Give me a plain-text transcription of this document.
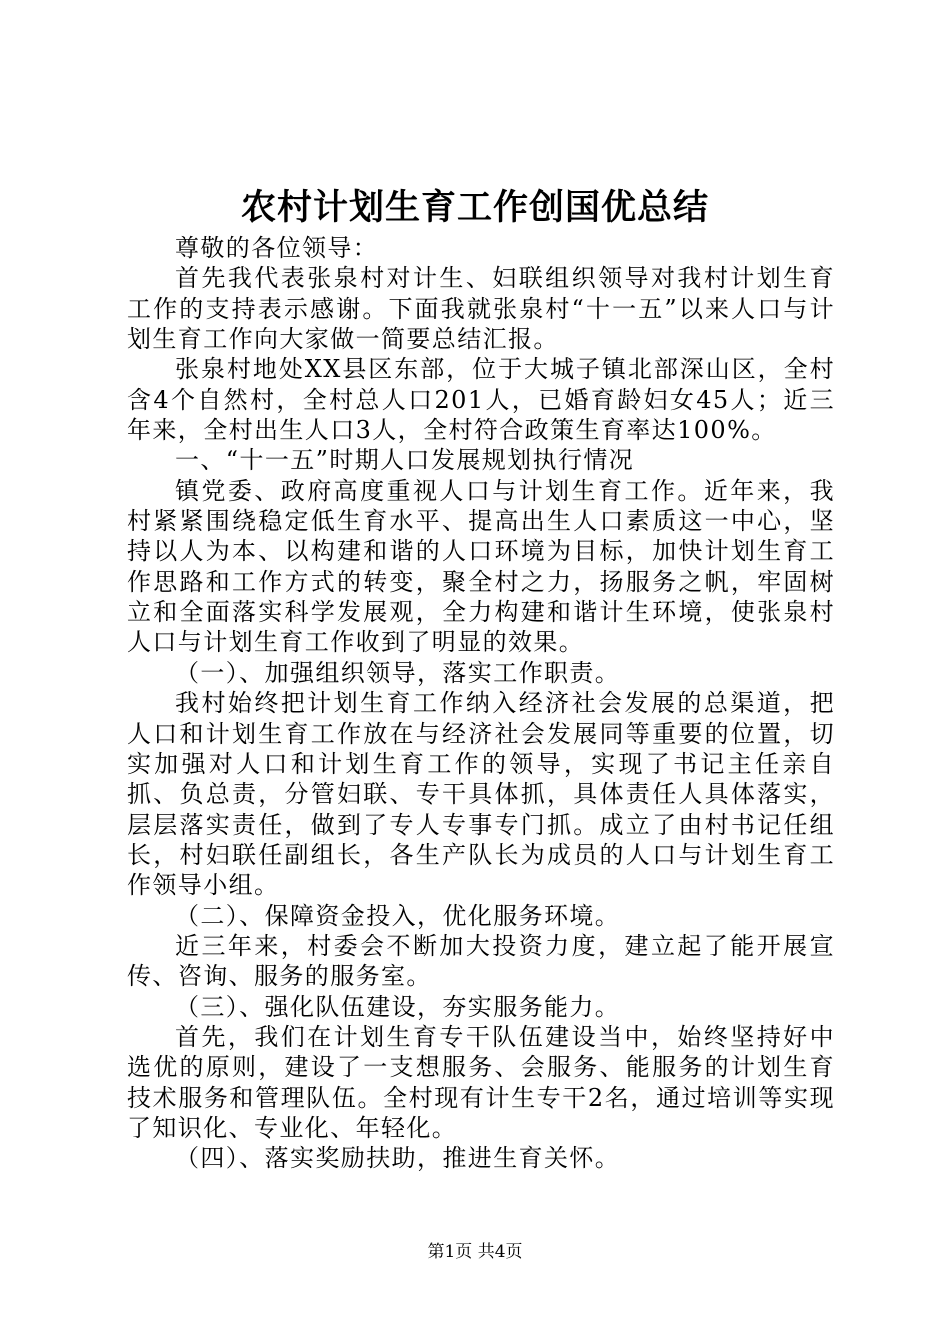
农村计划生育工作创国优总结

尊敬的各位领导：

首先我代表张泉村对计生、妇联组织领导对我村计划生育工作的支持表示感谢。下面我就张泉村“十一五”以来人口与计划生育工作向大家做一简要总结汇报。

张泉村地处XX县区东部，位于大城子镇北部深山区，全村含4个自然村，全村总人口201人，已婚育龄妇女45人；近三年来，全村出生人口3人，全村符合政策生育率达100%。

一、“十一五”时期人口发展规划执行情况

镇党委、政府高度重视人口与计划生育工作。近年来，我村紧紧围绕稳定低生育水平、提高出生人口素质这一中心，坚持以人为本、以构建和谐的人口环境为目标，加快计划生育工作思路和工作方式的转变，聚全村之力，扬服务之帆，牢固树立和全面落实科学发展观，全力构建和谐计生环境，使张泉村人口与计划生育工作收到了明显的效果。

（一）、加强组织领导，落实工作职责。

我村始终把计划生育工作纳入经济社会发展的总渠道，把人口和计划生育工作放在与经济社会发展同等重要的位置，切实加强对人口和计划生育工作的领导，实现了书记主任亲自抓、负总责，分管妇联、专干具体抓，具体责任人具体落实，层层落实责任，做到了专人专事专门抓。成立了由村书记任组长，村妇联任副组长，各生产队长为成员的人口与计划生育工作领导小组。

（二）、保障资金投入，优化服务环境。

近三年来，村委会不断加大投资力度，建立起了能开展宣传、咨询、服务的服务室。

（三）、强化队伍建设，夯实服务能力。

首先，我们在计划生育专干队伍建设当中，始终坚持好中选优的原则，建设了一支想服务、会服务、能服务的计划生育技术服务和管理队伍。全村现有计生专干2名，通过培训等实现了知识化、专业化、年轻化。

（四）、落实奖励扶助，推进生育关怀。

第1页 共4页
